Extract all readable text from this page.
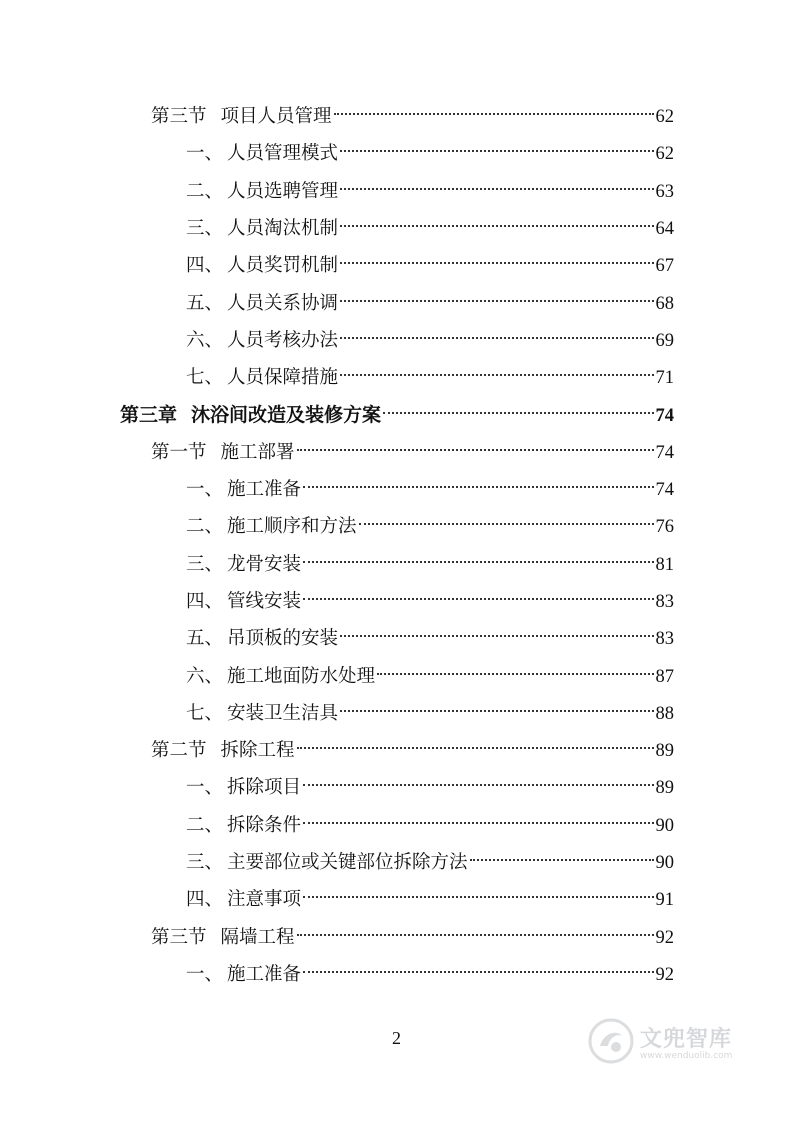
第三节 项目人员管理	62
一、 人员管理模式	62
二、 人员选聘管理	63
三、 人员淘汰机制	64
四、 人员奖罚机制	67
五、 人员关系协调	68
六、 人员考核办法	69
七、 人员保障措施	71
第三章 沐浴间改造及装修方案	74
第一节 施工部署	74
一、 施工准备	74
二、 施工顺序和方法	76
三、 龙骨安装	81
四、 管线安装	83
五、 吊顶板的安装	83
六、 施工地面防水处理	87
七、 安装卫生洁具	88
第二节 拆除工程	89
一、 拆除项目	89
二、 拆除条件	90
三、 主要部位或关键部位拆除方法	90
四、 注意事项	91
第三节 隔墙工程	92
一、 施工准备	92
2	文兜智库
www.wenduolib.com
